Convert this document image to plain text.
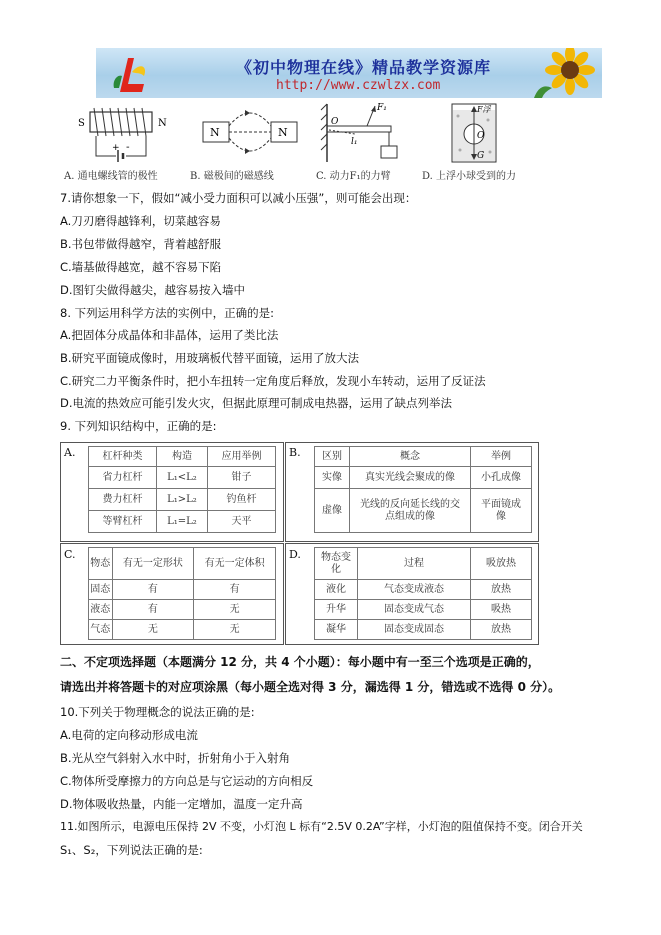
《初中物理在线》精品教学资源库
http://www.czwlzx.com
S	N
+ -
A. 通电螺线管的极性
N	N
B. 磁极间的磁感线
O
F₁
l₁
C. 动力F₁的力臂
F浮
O
G
D. 上浮小球受到的力
7.请你想象一下，假如“减小受力面积可以减小压强”，则可能会出现：
A.刀刃磨得越锋利，切菜越容易
B.书包带做得越窄，背着越舒服
C.墙基做得越宽，越不容易下陷
D.图钉尖做得越尖，越容易按入墙中
8. 下列运用科学方法的实例中，正确的是:
A.把固体分成晶体和非晶体，运用了类比法
B.研究平面镜成像时，用玻璃板代替平面镜，运用了放大法
C.研究二力平衡条件时，把小车扭转一定角度后释放，发现小车转动，运用了反证法
D.电流的热效应可能引发火灾，但据此原理可制成电热器，运用了缺点列举法
9. 下列知识结构中，正确的是:
A.	杠杆种类	构造	应用举例
省力杠杆	L₁<L₂	钳子
费力杠杆	L₁>L₂	钓鱼杆
等臂杠杆	L₁=L₂	天平
B. 区别	概念	举例
实像	真实光线会聚成的像	小孔成像
虚像	光线的反向延长线的交点组成的像	平面镜成像
C.
物态	有无一定形状	有无一定体积
固态	有	有
液态	有	无
气态	无	无
D. 物态变化	过程	吸放热
液化	气态变成液态	放热
升华	固态变成气态	吸热
凝华	固态变成固态	放热
二、不定项选择题（本题满分 12 分，共 4 个小题）：每小题中有一至三个选项是正确的，
请选出并将答题卡的对应项涂黑（每小题全选对得 3 分，漏选得 1 分，错选或不选得 0 分）。
10.下列关于物理概念的说法正确的是:
A.电荷的定向移动形成电流
B.光从空气斜射入水中时，折射角小于入射角
C.物体所受摩擦力的方向总是与它运动的方向相反
D.物体吸收热量，内能一定增加，温度一定升高
11.如图所示，电源电压保持 2V 不变，小灯泡 L 标有“2.5V 0.2A”字样，小灯泡的阻值保持不变。闭合开关
S₁、S₂，下列说法正确的是:
